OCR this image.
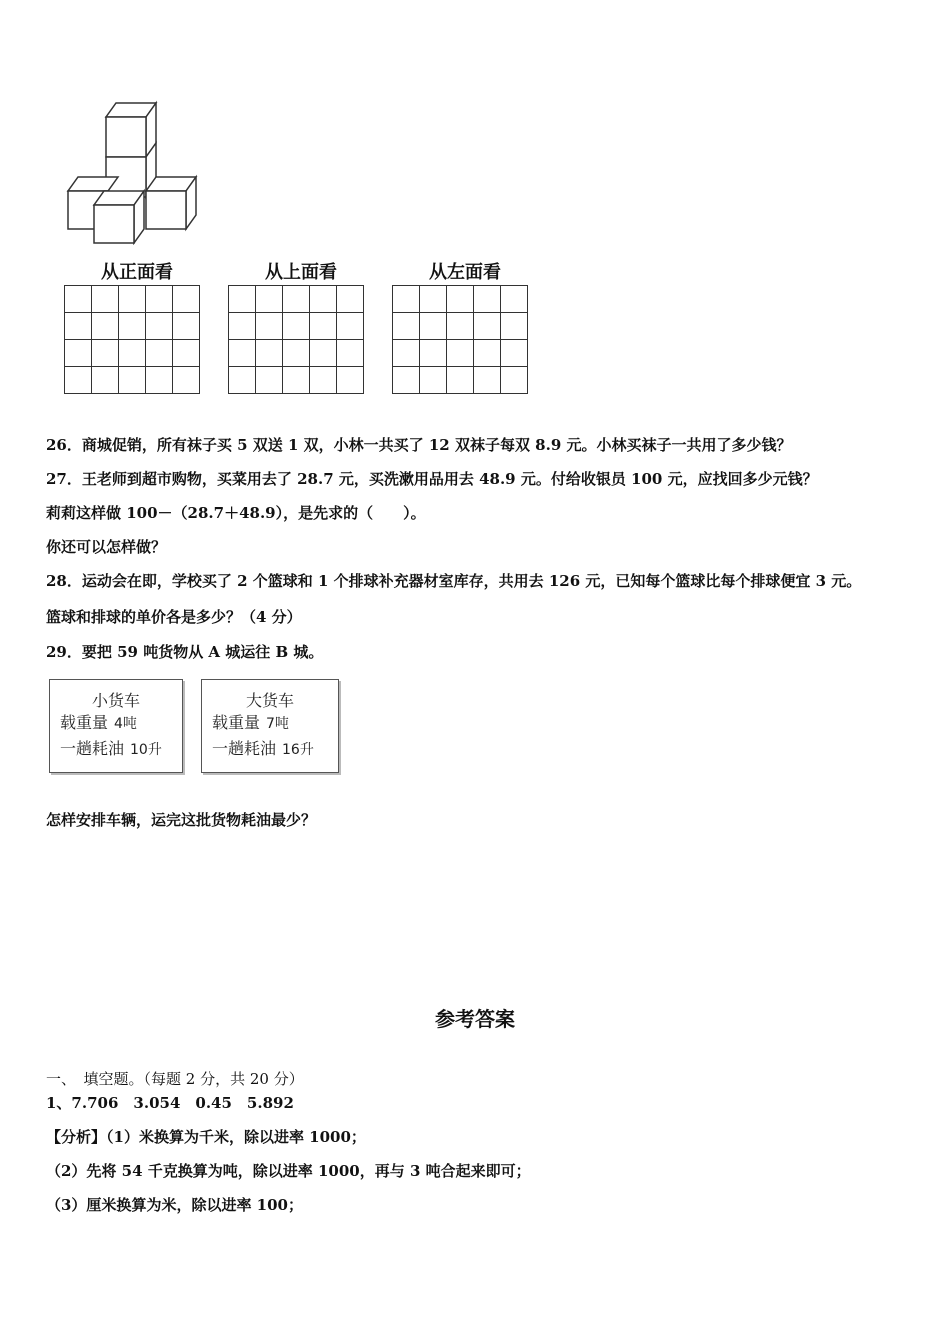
从正面看	从上面看	从左面看

26．商城促销，所有袜子买 5 双送 1 双，小林一共买了 12 双袜子每双 8.9 元。小林买袜子一共用了多少钱？
27．王老师到超市购物，买菜用去了 28.7 元，买洗漱用品用去 48.9 元。付给收银员 100 元，应找回多少元钱？
莉莉这样做 100－（28.7＋48.9），是先求的（　　）。
你还可以怎样做？
28．运动会在即，学校买了 2 个篮球和 1 个排球补充器材室库存，共用去 126 元，已知每个篮球比每个排球便宜 3 元。
篮球和排球的单价各是多少？（4 分）
29．要把 59 吨货物从 A 城运往 B 城。
小货车
载重量 4吨
一趟耗油 10升
大货车
载重量 7吨
一趟耗油 16升
怎样安排车辆，运完这批货物耗油最少？
参考答案
一、　填空题。（每题 2 分，共 20 分）
1、7.706　3.054　0.45　5.892
【分析】（1）米换算为千米，除以进率 1000；
（2）先将 54 千克换算为吨，除以进率 1000，再与 3 吨合起来即可；
（3）厘米换算为米，除以进率 100；
